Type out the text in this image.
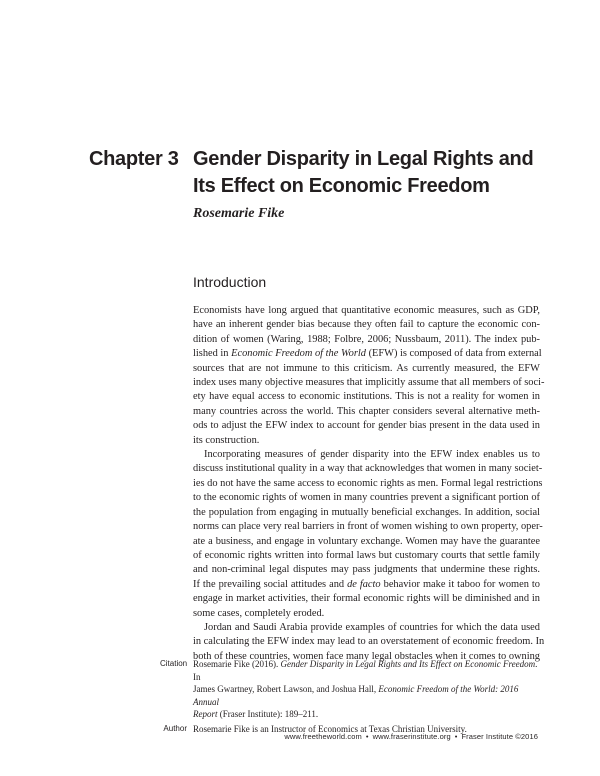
Chapter 3 Gender Disparity in Legal Rights and
Its Effect on Economic Freedom
Rosemarie Fike
Introduction
Economists have long argued that quantitative economic measures, such as GDP,
have an inherent gender bias because they often fail to capture the economic con-
dition of women (Waring, 1988; Folbre, 2006; Nussbaum, 2011). The index pub-
lished in Economic Freedom of the World (EFW) is composed of data from external
sources that are not immune to this criticism. As currently measured, the EFW
index uses many objective measures that implicitly assume that all members of soci-
ety have equal access to economic institutions. This is not a reality for women in
many countries across the world. This chapter considers several alternative meth-
ods to adjust the EFW index to account for gender bias present in the data used in
its construction.
Incorporating measures of gender disparity into the EFW index enables us to
discuss institutional quality in a way that acknowledges that women in many societ-
ies do not have the same access to economic rights as men. Formal legal restrictions
to the economic rights of women in many countries prevent a significant portion of
the population from engaging in mutually beneficial exchanges. In addition, social
norms can place very real barriers in front of women wishing to own property, oper-
ate a business, and engage in voluntary exchange. Women may have the guarantee
of economic rights written into formal laws but customary courts that settle family
and non-criminal legal disputes may pass judgments that undermine these rights.
If the prevailing social attitudes and de facto behavior make it taboo for women to
engage in market activities, their formal economic rights will be diminished and in
some cases, completely eroded.
Jordan and Saudi Arabia provide examples of countries for which the data used
in calculating the EFW index may lead to an overstatement of economic freedom. In
both of these countries, women face many legal obstacles when it comes to owning
Citation Rosemarie Fike (2016). Gender Disparity in Legal Rights and Its Effect on Economic Freedom. In
James Gwartney, Robert Lawson, and Joshua Hall, Economic Freedom of the World: 2016 Annual
Report (Fraser Institute): 189–211.
Author Rosemarie Fike is an Instructor of Economics at Texas Christian University.
www.freetheworld.com • www.fraserinstitute.org • Fraser Institute ©2016
